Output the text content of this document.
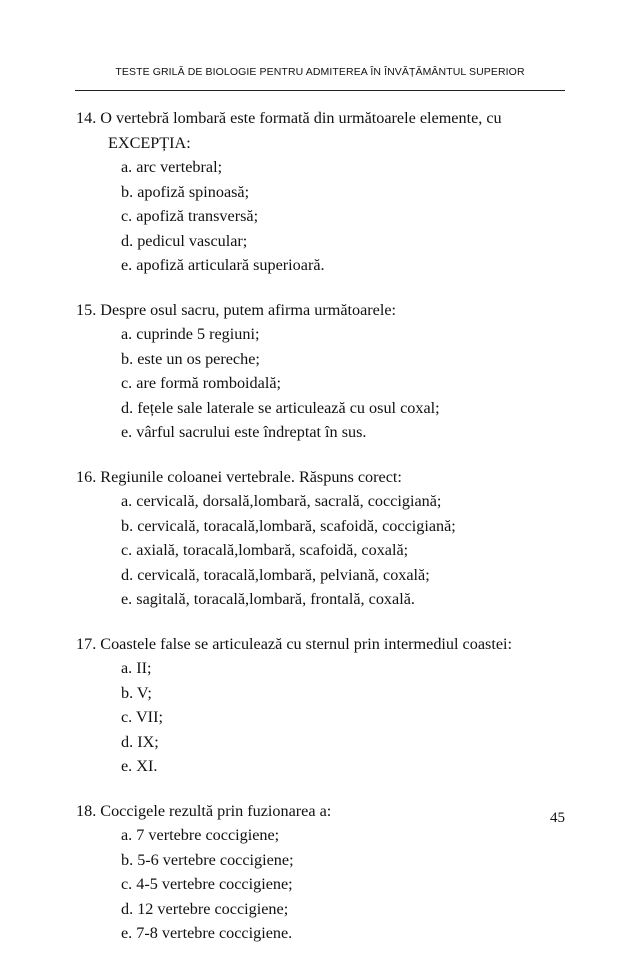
TESTE GRILĂ DE BIOLOGIE PENTRU ADMITEREA ÎN ÎNVĂȚĂMÂNTUL SUPERIOR
14. O vertebră lombară este formată din următoarele elemente, cu
EXCEPȚIA:
a. arc vertebral;
b. apofiză spinoasă;
c. apofiză transversă;
d. pedicul vascular;
e. apofiză articulară superioară.
15. Despre osul sacru, putem afirma următoarele:
a. cuprinde 5 regiuni;
b. este un os pereche;
c. are formă romboidală;
d. fețele sale laterale se articulează cu osul coxal;
e. vârful sacrului este îndreptat în sus.
16. Regiunile coloanei vertebrale. Răspuns corect:
a. cervicală, dorsală,lombară, sacrală, coccigiană;
b. cervicală, toracală,lombară, scafoidă, coccigiană;
c. axială, toracală,lombară, scafoidă, coxală;
d. cervicală, toracală,lombară, pelviană, coxală;
e. sagitală, toracală,lombară, frontală, coxală.
17. Coastele false se articulează cu sternul prin intermediul coastei:
a. II;
b. V;
c. VII;
d. IX;
e. XI.
18. Coccigele rezultă prin fuzionarea a:
a. 7 vertebre coccigiene;
b. 5-6 vertebre coccigiene;
c. 4-5 vertebre coccigiene;
d. 12 vertebre coccigiene;
e. 7-8 vertebre coccigiene.
45
